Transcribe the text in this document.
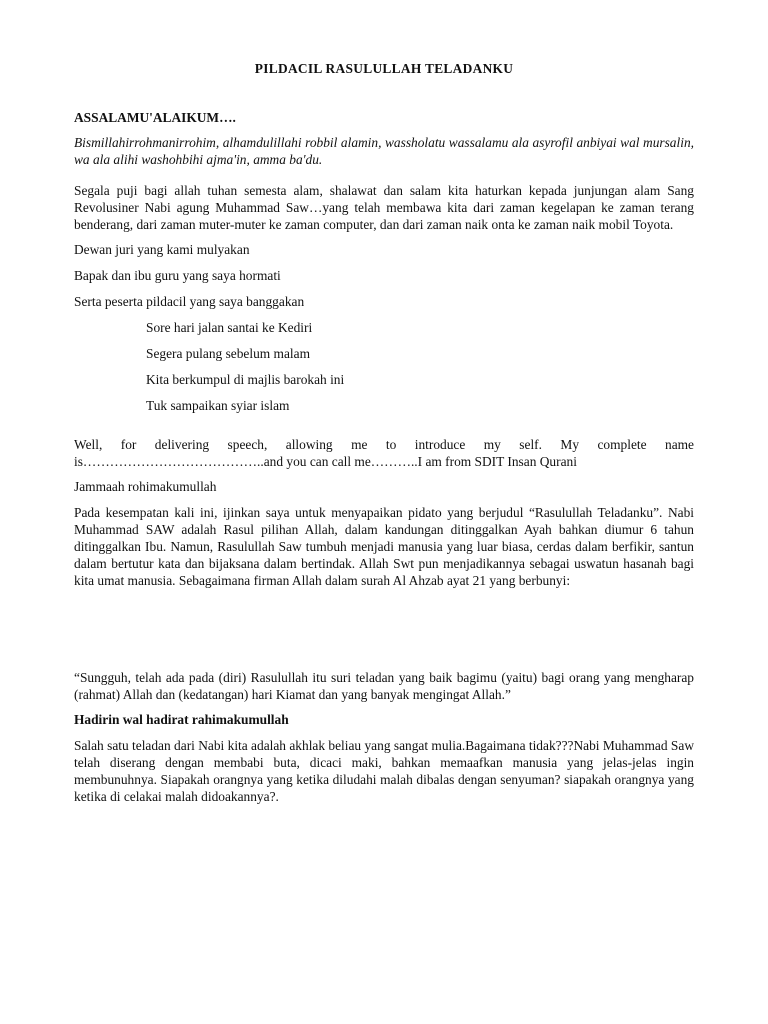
PILDACIL RASULULLAH TELADANKU
ASSALAMU'ALAIKUM….
Bismillahirrohmanirrohim, alhamdulillahi robbil alamin, wassholatu wassalamu ala asyrofil anbiyai wal mursalin, wa ala alihi washohbihi ajma'in, amma ba'du.
Segala puji bagi allah tuhan semesta alam, shalawat dan salam kita haturkan kepada junjungan alam Sang Revolusiner Nabi agung Muhammad Saw…yang telah membawa kita dari zaman kegelapan ke zaman terang benderang, dari zaman muter-muter ke zaman computer, dan dari zaman naik onta ke zaman naik mobil Toyota.
Dewan juri yang kami mulyakan
Bapak dan ibu guru yang saya hormati
Serta peserta pildacil yang saya banggakan
Sore hari jalan santai ke Kediri
Segera pulang sebelum malam
Kita berkumpul di majlis barokah ini
Tuk sampaikan syiar islam
Well, for delivering speech, allowing me to introduce my self. My complete name is…………………………………..and you can call me………..I am from SDIT Insan Qurani
Jammaah rohimakumullah
Pada kesempatan kali ini, ijinkan saya untuk menyapaikan pidato yang berjudul “Rasulullah Teladanku”. Nabi Muhammad SAW adalah Rasul pilihan Allah, dalam kandungan ditinggalkan Ayah bahkan diumur 6 tahun ditinggalkan Ibu. Namun, Rasulullah Saw tumbuh menjadi manusia yang luar biasa, cerdas dalam berfikir, santun dalam bertutur kata dan bijaksana dalam bertindak. Allah Swt pun menjadikannya sebagai uswatun hasanah bagi kita umat manusia. Sebagaimana firman Allah dalam surah Al Ahzab ayat 21 yang berbunyi:
“Sungguh, telah ada pada (diri) Rasulullah itu suri teladan yang baik bagimu (yaitu) bagi orang yang mengharap (rahmat) Allah dan (kedatangan) hari Kiamat dan yang banyak mengingat Allah.”
Hadirin wal hadirat rahimakumullah
Salah satu teladan dari Nabi kita adalah akhlak beliau yang sangat mulia.Bagaimana tidak???Nabi Muhammad Saw telah diserang dengan membabi buta, dicaci maki, bahkan memaafkan manusia yang jelas-jelas ingin membunuhnya. Siapakah orangnya yang ketika diludahi malah dibalas dengan senyuman? siapakah orangnya yang ketika di celakai malah didoakannya?.
